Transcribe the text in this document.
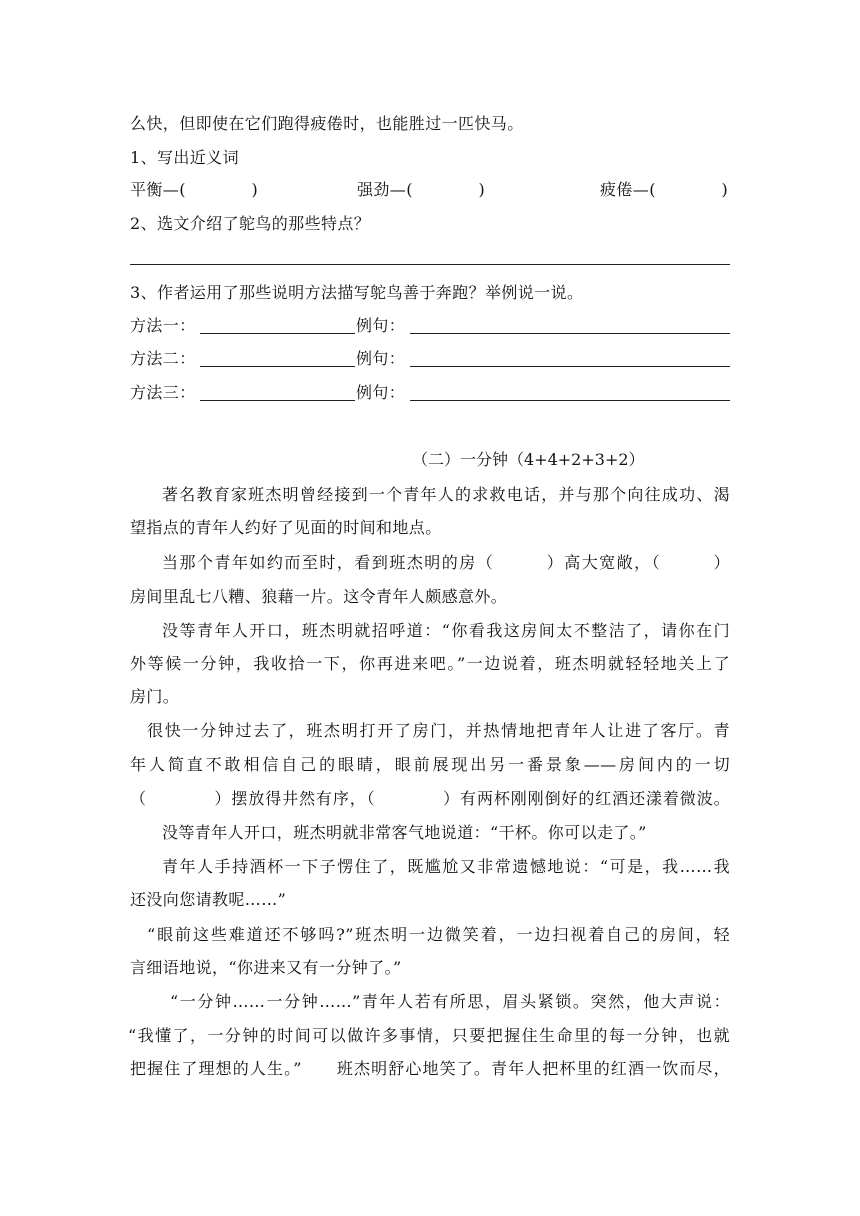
么快，但即使在它们跑得疲倦时，也能胜过一匹快马。
1、写出近义词
平衡—(　　　　)	强劲—(　　　　)	疲倦—(　　　　)
2、选文介绍了鸵鸟的那些特点？
3、作者运用了那些说明方法描写鸵鸟善于奔跑？举例说一说。
方法一：	例句：
方法二：	例句：
方法三：	例句：
（二）一分钟（4+4+2+3+2）
著名教育家班杰明曾经接到一个青年人的求救电话，并与那个向往成功、渴
望指点的青年人约好了见面的时间和地点。
当那个青年如约而至时，看到班杰明的房（　　　）高大宽敞，（　　　）
房间里乱七八糟、狼藉一片。这令青年人颇感意外。
没等青年人开口，班杰明就招呼道：“你看我这房间太不整洁了，请你在门
外等候一分钟，我收拾一下，你再进来吧。”一边说着，班杰明就轻轻地关上了
房门。
很快一分钟过去了，班杰明打开了房门，并热情地把青年人让进了客厅。青
年人简直不敢相信自己的眼睛，眼前展现出另一番景象——房间内的一切
（　　　　）摆放得井然有序，（　　　　）有两杯刚刚倒好的红酒还漾着微波。
没等青年人开口，班杰明就非常客气地说道：“干杯。你可以走了。”
青年人手持酒杯一下子愣住了，既尴尬又非常遗憾地说：“可是，我……我
还没向您请教呢……”
“眼前这些难道还不够吗?”班杰明一边微笑着，一边扫视着自己的房间，轻
言细语地说，“你进来又有一分钟了。”
“一分钟……一分钟……”青年人若有所思，眉头紧锁。突然，他大声说：
“我懂了，一分钟的时间可以做许多事情，只要把握住生命里的每一分钟，也就
把握住了理想的人生。”　　班杰明舒心地笑了。青年人把杯里的红酒一饮而尽，
